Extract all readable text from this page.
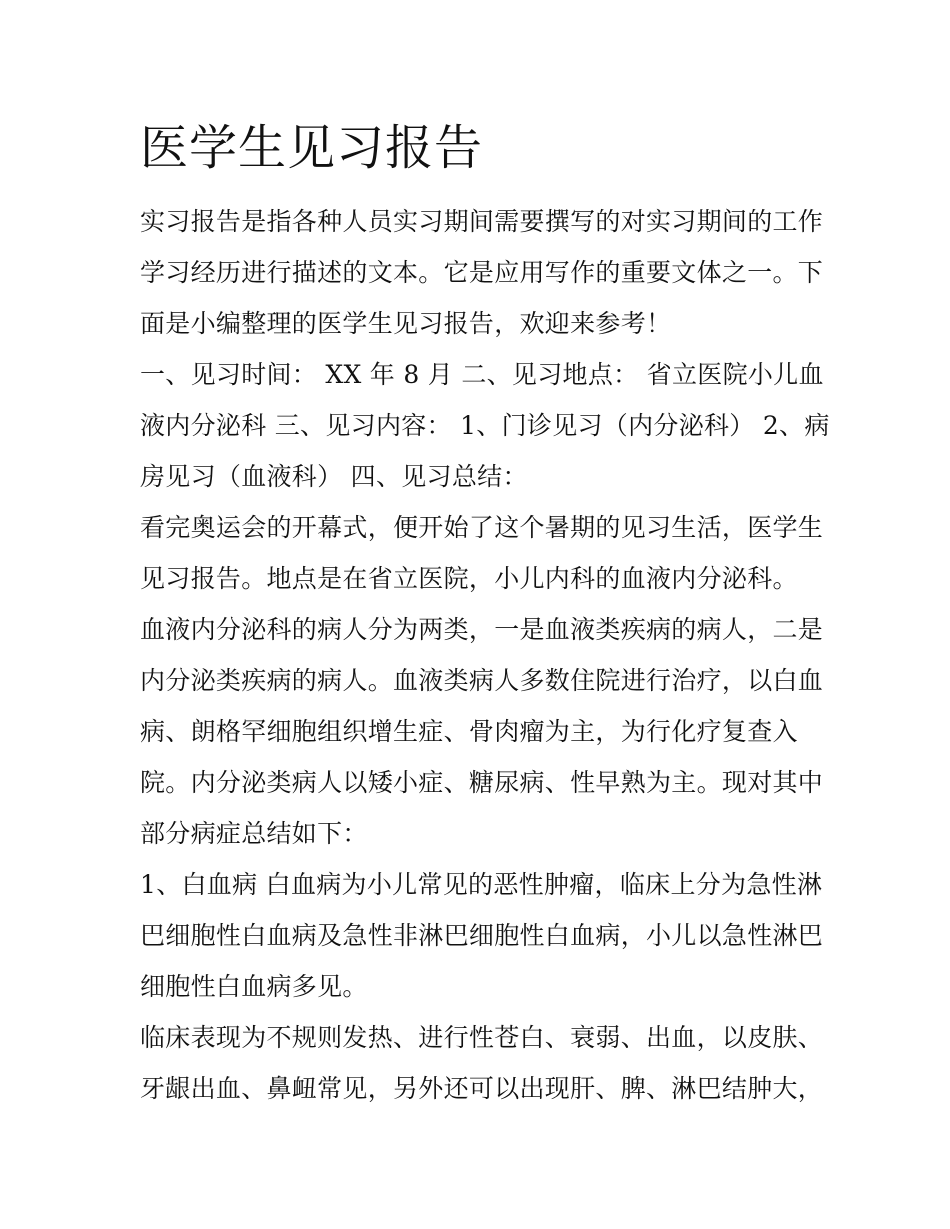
医学生见习报告
实习报告是指各种人员实习期间需要撰写的对实习期间的工作
学习经历进行描述的文本。它是应用写作的重要文体之一。下
面是小编整理的医学生见习报告，欢迎来参考！
一、见习时间： XX 年 8 月 二、见习地点： 省立医院小儿血
液内分泌科 三、见习内容： 1、门诊见习（内分泌科） 2、病
房见习（血液科） 四、见习总结：
看完奥运会的开幕式，便开始了这个暑期的见习生活，医学生
见习报告。地点是在省立医院，小儿内科的血液内分泌科。
血液内分泌科的病人分为两类，一是血液类疾病的病人，二是
内分泌类疾病的病人。血液类病人多数住院进行治疗，以白血
病、朗格罕细胞组织增生症、骨肉瘤为主，为行化疗复查入
院。内分泌类病人以矮小症、糖尿病、性早熟为主。现对其中
部分病症总结如下：
1、白血病 白血病为小儿常见的恶性肿瘤，临床上分为急性淋
巴细胞性白血病及急性非淋巴细胞性白血病，小儿以急性淋巴
细胞性白血病多见。
临床表现为不规则发热、进行性苍白、衰弱、出血，以皮肤、
牙龈出血、鼻衄常见，另外还可以出现肝、脾、淋巴结肿大，
